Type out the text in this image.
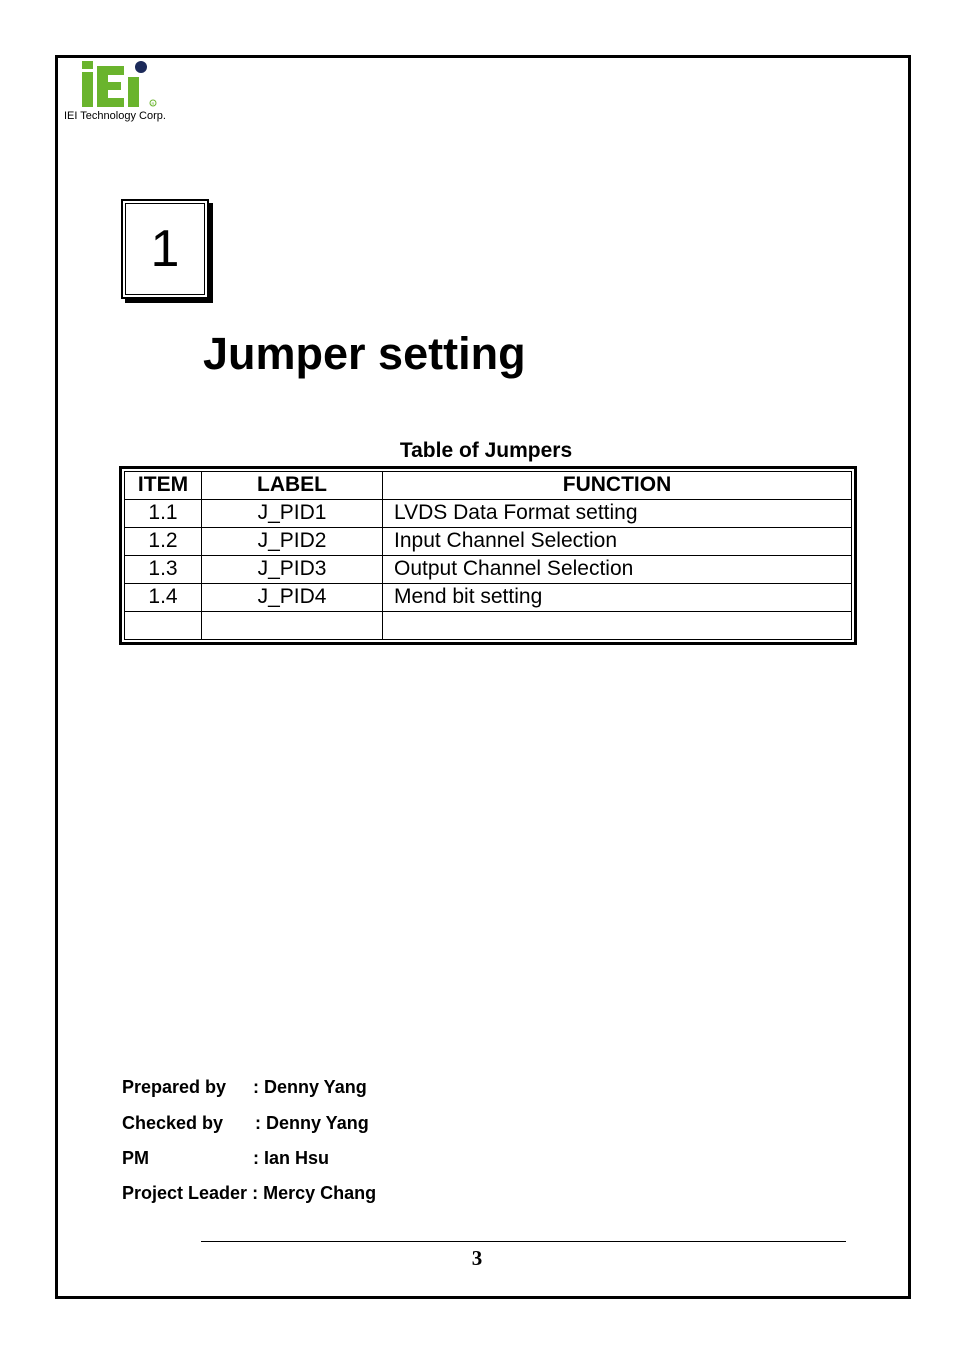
R
IEI Technology Corp.
1
Jumper setting
Table of Jumpers
ITEM	LABEL	FUNCTION
1.1	J_PID1	LVDS Data Format setting
1.2	J_PID2	Input Channel Selection
1.3	J_PID3	Output Channel Selection
1.4	J_PID4	Mend bit setting

Prepared by : Denny Yang
Checked by : Denny Yang
PM	: Ian Hsu
Project Leader : Mercy Chang
3
